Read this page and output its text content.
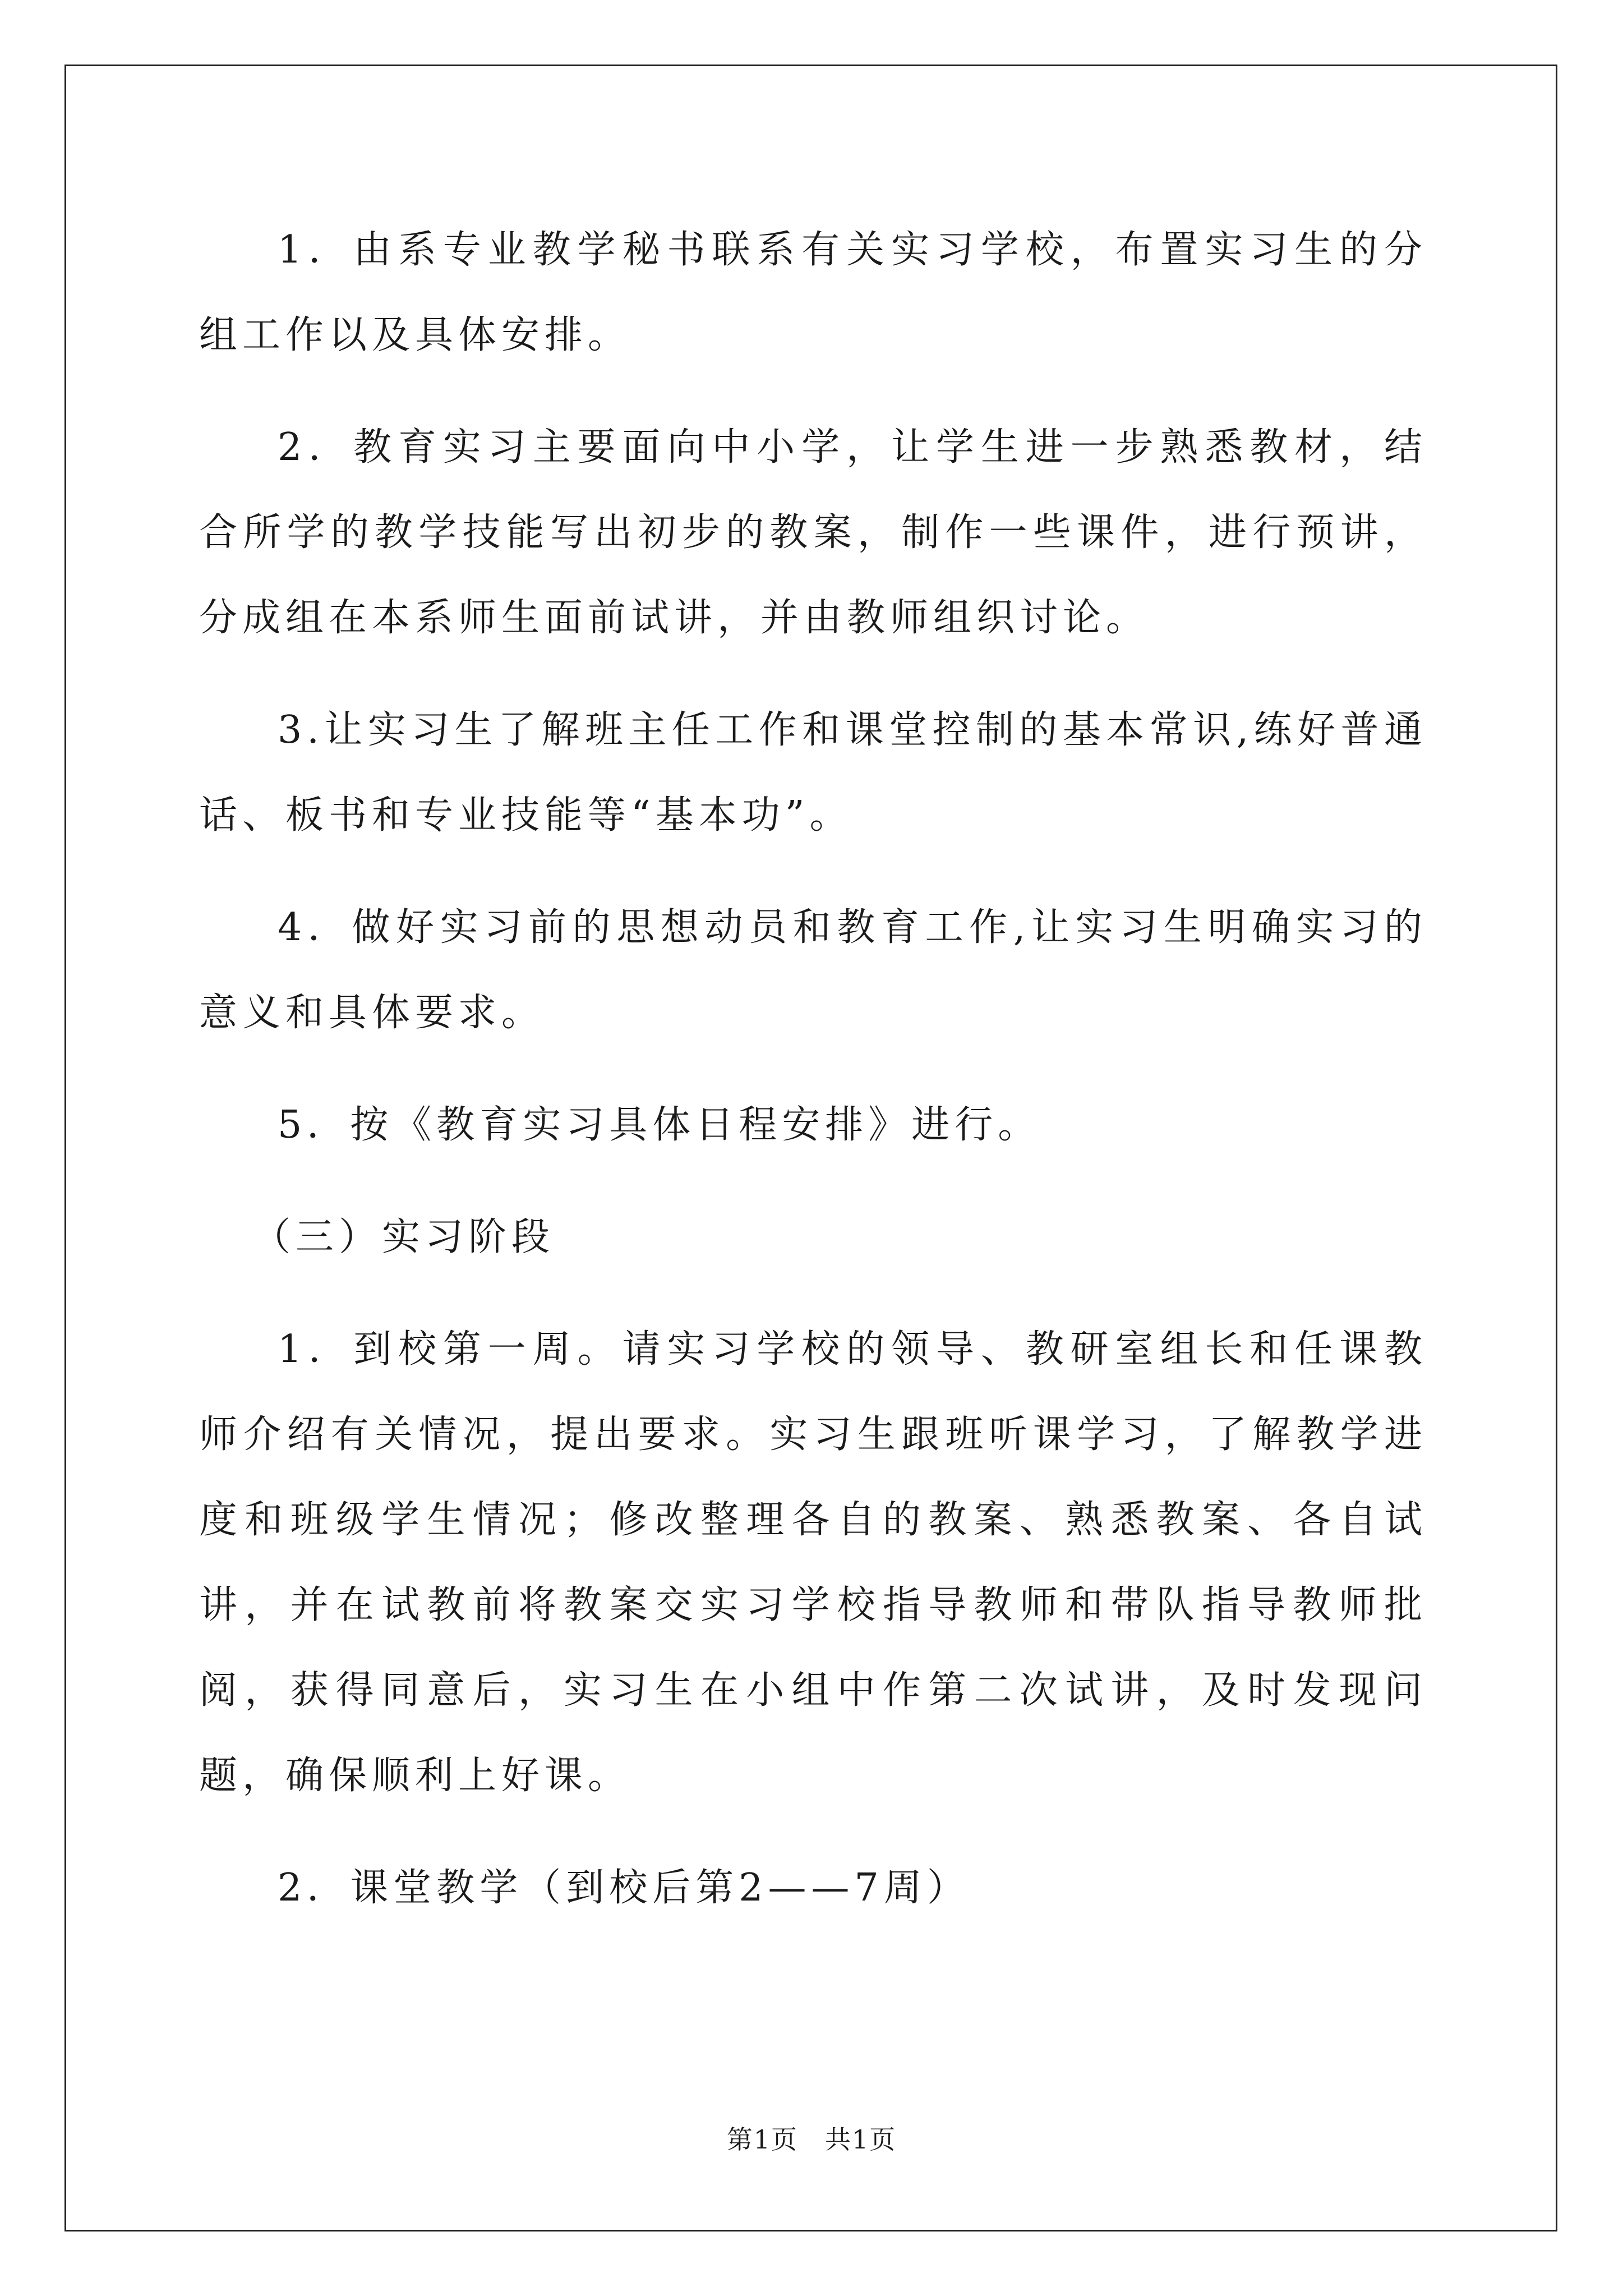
1．由系专业教学秘书联系有关实习学校，布置实习生的分组工作以及具体安排。

2．教育实习主要面向中小学，让学生进一步熟悉教材，结合所学的教学技能写出初步的教案，制作一些课件，进行预讲，分成组在本系师生面前试讲，并由教师组织讨论。

3.让实习生了解班主任工作和课堂控制的基本常识,练好普通话、板书和专业技能等“基本功”。

4．做好实习前的思想动员和教育工作,让实习生明确实习的意义和具体要求。

5．按《教育实习具体日程安排》进行。

（三）实习阶段

1．到校第一周。请实习学校的领导、教研室组长和任课教师介绍有关情况，提出要求。实习生跟班听课学习，了解教学进度和班级学生情况；修改整理各自的教案、熟悉教案、各自试讲，并在试教前将教案交实习学校指导教师和带队指导教师批阅，获得同意后，实习生在小组中作第二次试讲，及时发现问题，确保顺利上好课。

2．课堂教学（到校后第2——7周）

第1页　共1页
